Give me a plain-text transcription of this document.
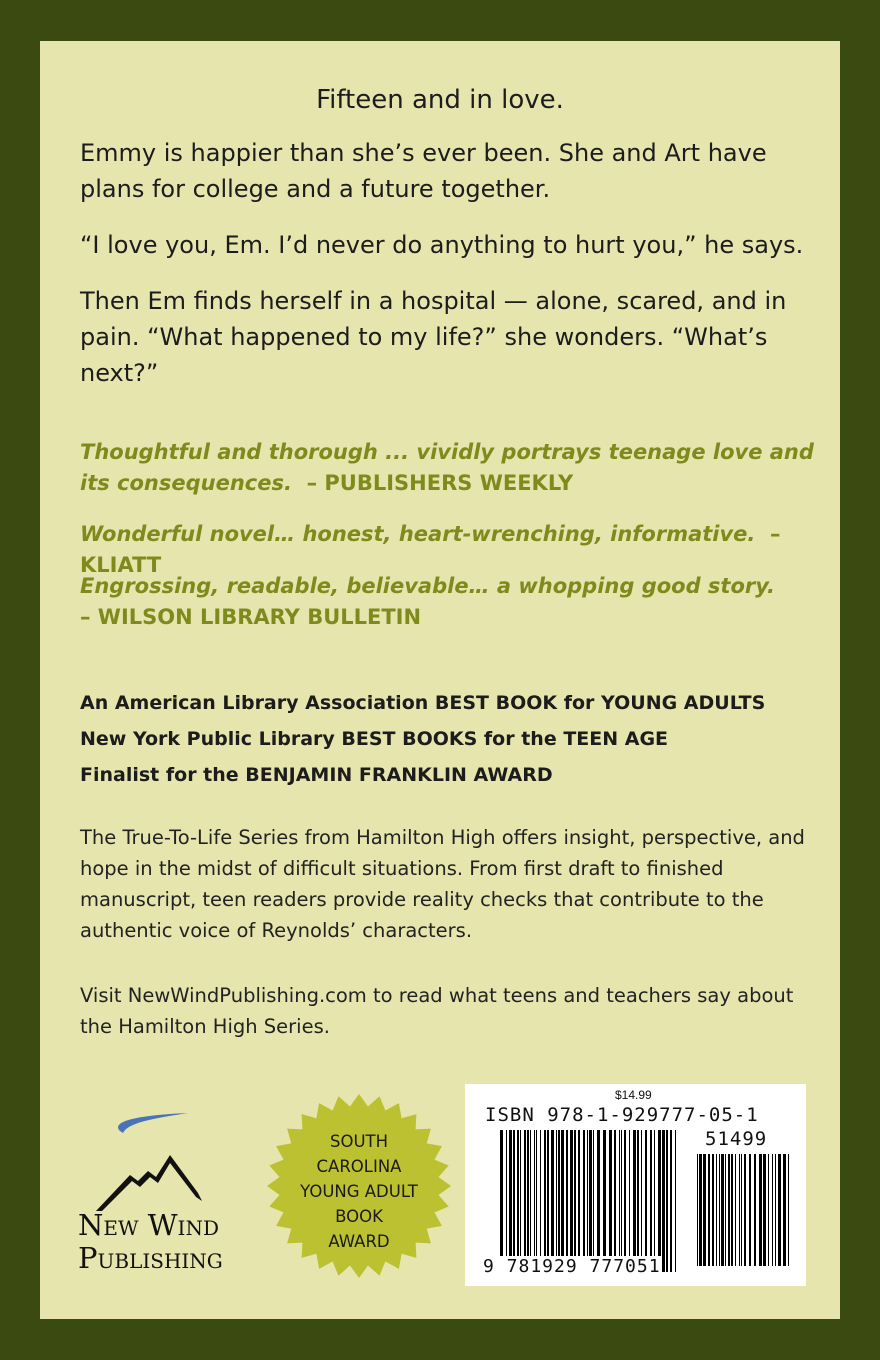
Fifteen and in love.

Emmy is happier than she’s ever been. She and Art have plans for college and a future together.

“I love you, Em. I’d never do anything to hurt you,” he says.

Then Em finds herself in a hospital — alone, scared, and in pain. “What happened to my life?” she wonders. “What’s next?”

Thoughtful and thorough ... vividly portrays teenage love and its consequences. – PUBLISHERS WEEKLY

Wonderful novel… honest, heart-wrenching, informative. – KLIATT

Engrossing, readable, believable… a whopping good story.
– WILSON LIBRARY BULLETIN

An American Library Association BEST BOOK for YOUNG ADULTS

New York Public Library BEST BOOKS for the TEEN AGE

Finalist for the BENJAMIN FRANKLIN AWARD

The True-To-Life Series from Hamilton High offers insight, perspective, and hope in the midst of difficult situations. From first draft to finished manuscript, teen readers provide reality checks that contribute to the authentic voice of Reynolds’ characters.

Visit NewWindPublishing.com to read what teens and teachers say about the Hamilton High Series.

New Wind
Publishing
SOUTH
CAROLINA
YOUNG ADULT
BOOK
AWARD
$14.99
ISBN 978-1-929777-05-1
51499
9 781929 777051
